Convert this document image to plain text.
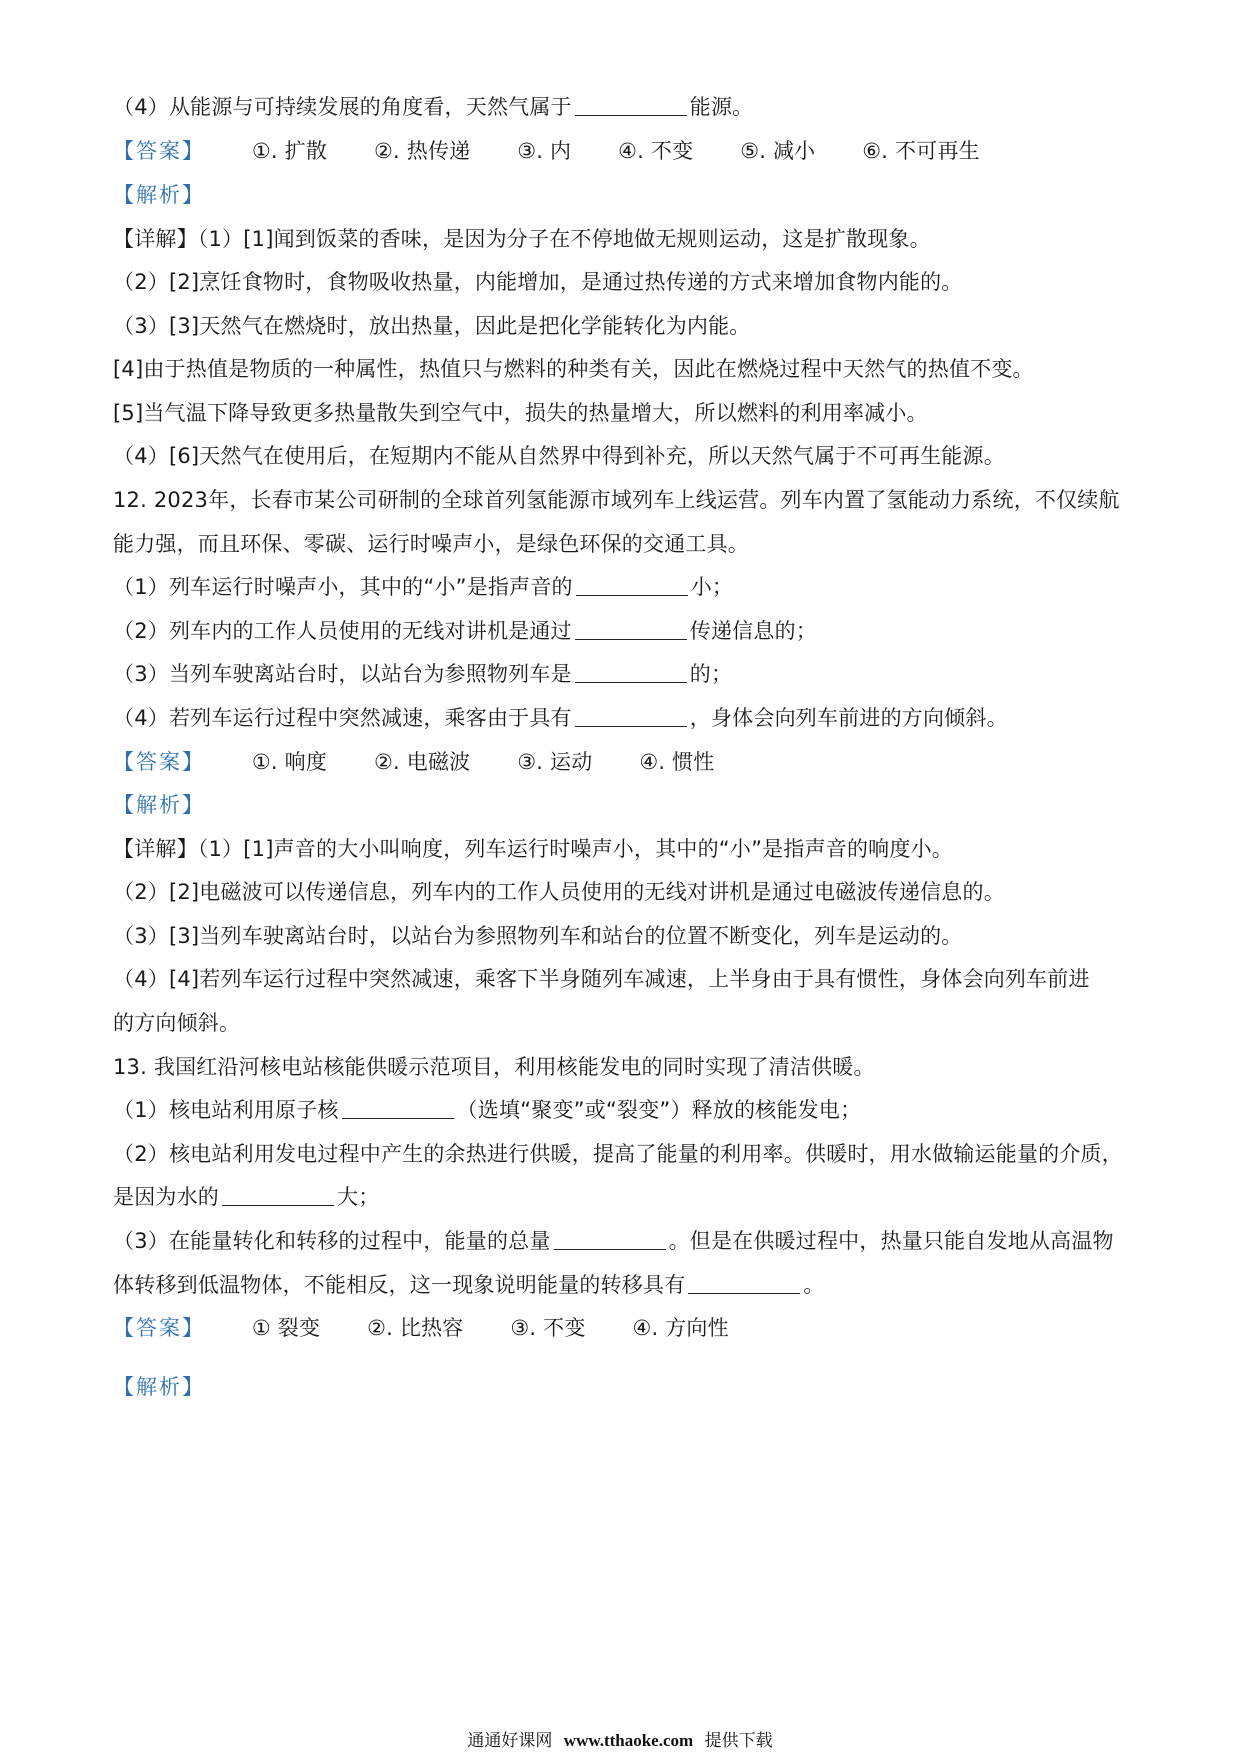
（4）从能源与可持续发展的角度看，天然气属于	能源。
【答案】 ①. 扩散 ②. 热传递 ③. 内 ④. 不变 ⑤. 减小 ⑥. 不可再生
【解析】
【详解】（1）[1]闻到饭菜的香味，是因为分子在不停地做无规则运动，这是扩散现象。
（2）[2]烹饪食物时，食物吸收热量，内能增加，是通过热传递的方式来增加食物内能的。
（3）[3]天然气在燃烧时，放出热量，因此是把化学能转化为内能。
[4]由于热值是物质的一种属性，热值只与燃料的种类有关，因此在燃烧过程中天然气的热值不变。
[5]当气温下降导致更多热量散失到空气中，损失的热量增大，所以燃料的利用率减小。
（4）[6]天然气在使用后，在短期内不能从自然界中得到补充，所以天然气属于不可再生能源。
12. 2023年，长春市某公司研制的全球首列氢能源市域列车上线运营。列车内置了氢能动力系统，不仅续航
能力强，而且环保、零碳、运行时噪声小，是绿色环保的交通工具。
（1）列车运行时噪声小，其中的“小”是指声音的	小；
（2）列车内的工作人员使用的无线对讲机是通过	传递信息的；
（3）当列车驶离站台时，以站台为参照物列车是	的；
（4）若列车运行过程中突然减速，乘客由于具有	，身体会向列车前进的方向倾斜。
【答案】 ①. 响度 ②. 电磁波 ③. 运动 ④. 惯性
【解析】
【详解】（1）[1]声音的大小叫响度，列车运行时噪声小，其中的“小”是指声音的响度小。
（2）[2]电磁波可以传递信息，列车内的工作人员使用的无线对讲机是通过电磁波传递信息的。
（3）[3]当列车驶离站台时，以站台为参照物列车和站台的位置不断变化，列车是运动的。
（4）[4]若列车运行过程中突然减速，乘客下半身随列车减速，上半身由于具有惯性，身体会向列车前进
的方向倾斜。
13. 我国红沿河核电站核能供暖示范项目，利用核能发电的同时实现了清洁供暖。
（1）核电站利用原子核	（选填“聚变”或“裂变”）释放的核能发电；
（2）核电站利用发电过程中产生的余热进行供暖，提高了能量的利用率。供暖时，用水做输运能量的介质，
是因为水的	大；
（3）在能量转化和转移的过程中，能量的总量	。但是在供暖过程中，热量只能自发地从高温物
体转移到低温物体，不能相反，这一现象说明能量的转移具有	。
【答案】 ① 裂变 ②. 比热容 ③. 不变 ④. 方向性
【解析】
通通好课网 www.tthaoke.com 提供下载
